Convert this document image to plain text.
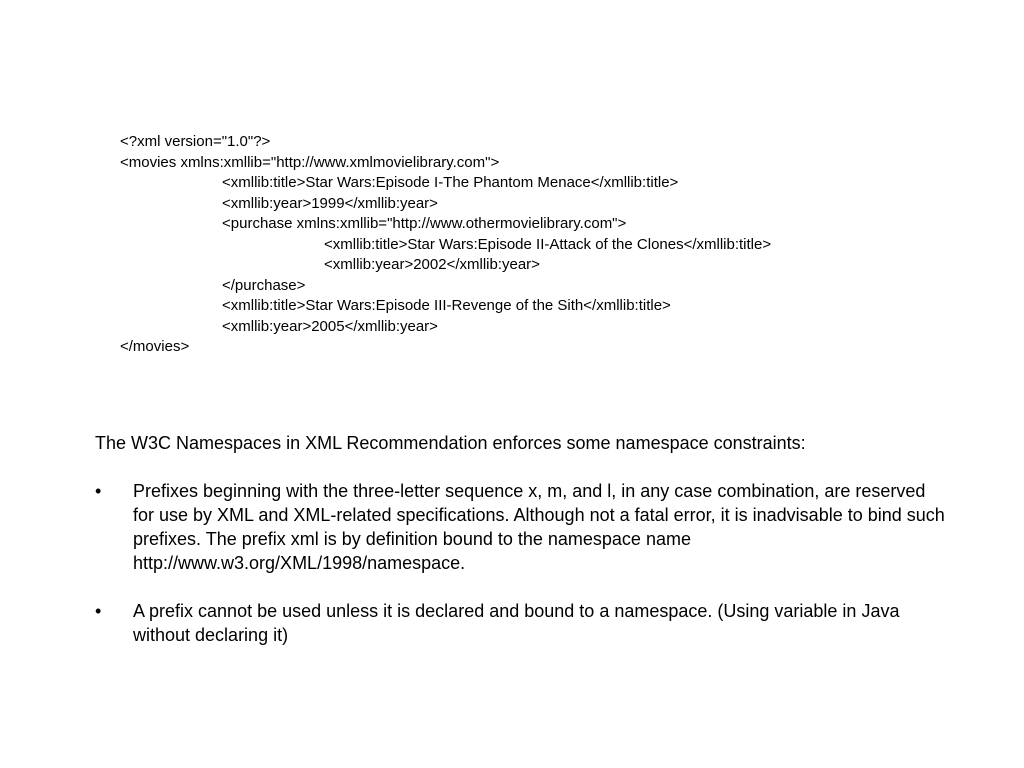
<?xml version="1.0"?>
<movies xmlns:xmllib="http://www.xmlmovielibrary.com">
<xmllib:title>Star Wars:Episode I-The Phantom Menace</xmllib:title>
<xmllib:year>1999</xmllib:year>
<purchase xmlns:xmllib="http://www.othermovielibrary.com">
<xmllib:title>Star Wars:Episode II-Attack of the Clones</xmllib:title>
<xmllib:year>2002</xmllib:year>
</purchase>
<xmllib:title>Star Wars:Episode III-Revenge of the Sith</xmllib:title>
<xmllib:year>2005</xmllib:year>
</movies>
The W3C Namespaces in XML Recommendation enforces some namespace constraints:
•	Prefixes beginning with the three-letter sequence x, m, and l, in any case combination, are reserved for use by XML and XML-related specifications. Although not a fatal error, it is inadvisable to bind such prefixes. The prefix xml is by definition bound to the namespace name http://www.w3.org/XML/1998/namespace.
•	A prefix cannot be used unless it is declared and bound to a namespace. (Using variable in Java without declaring it)
